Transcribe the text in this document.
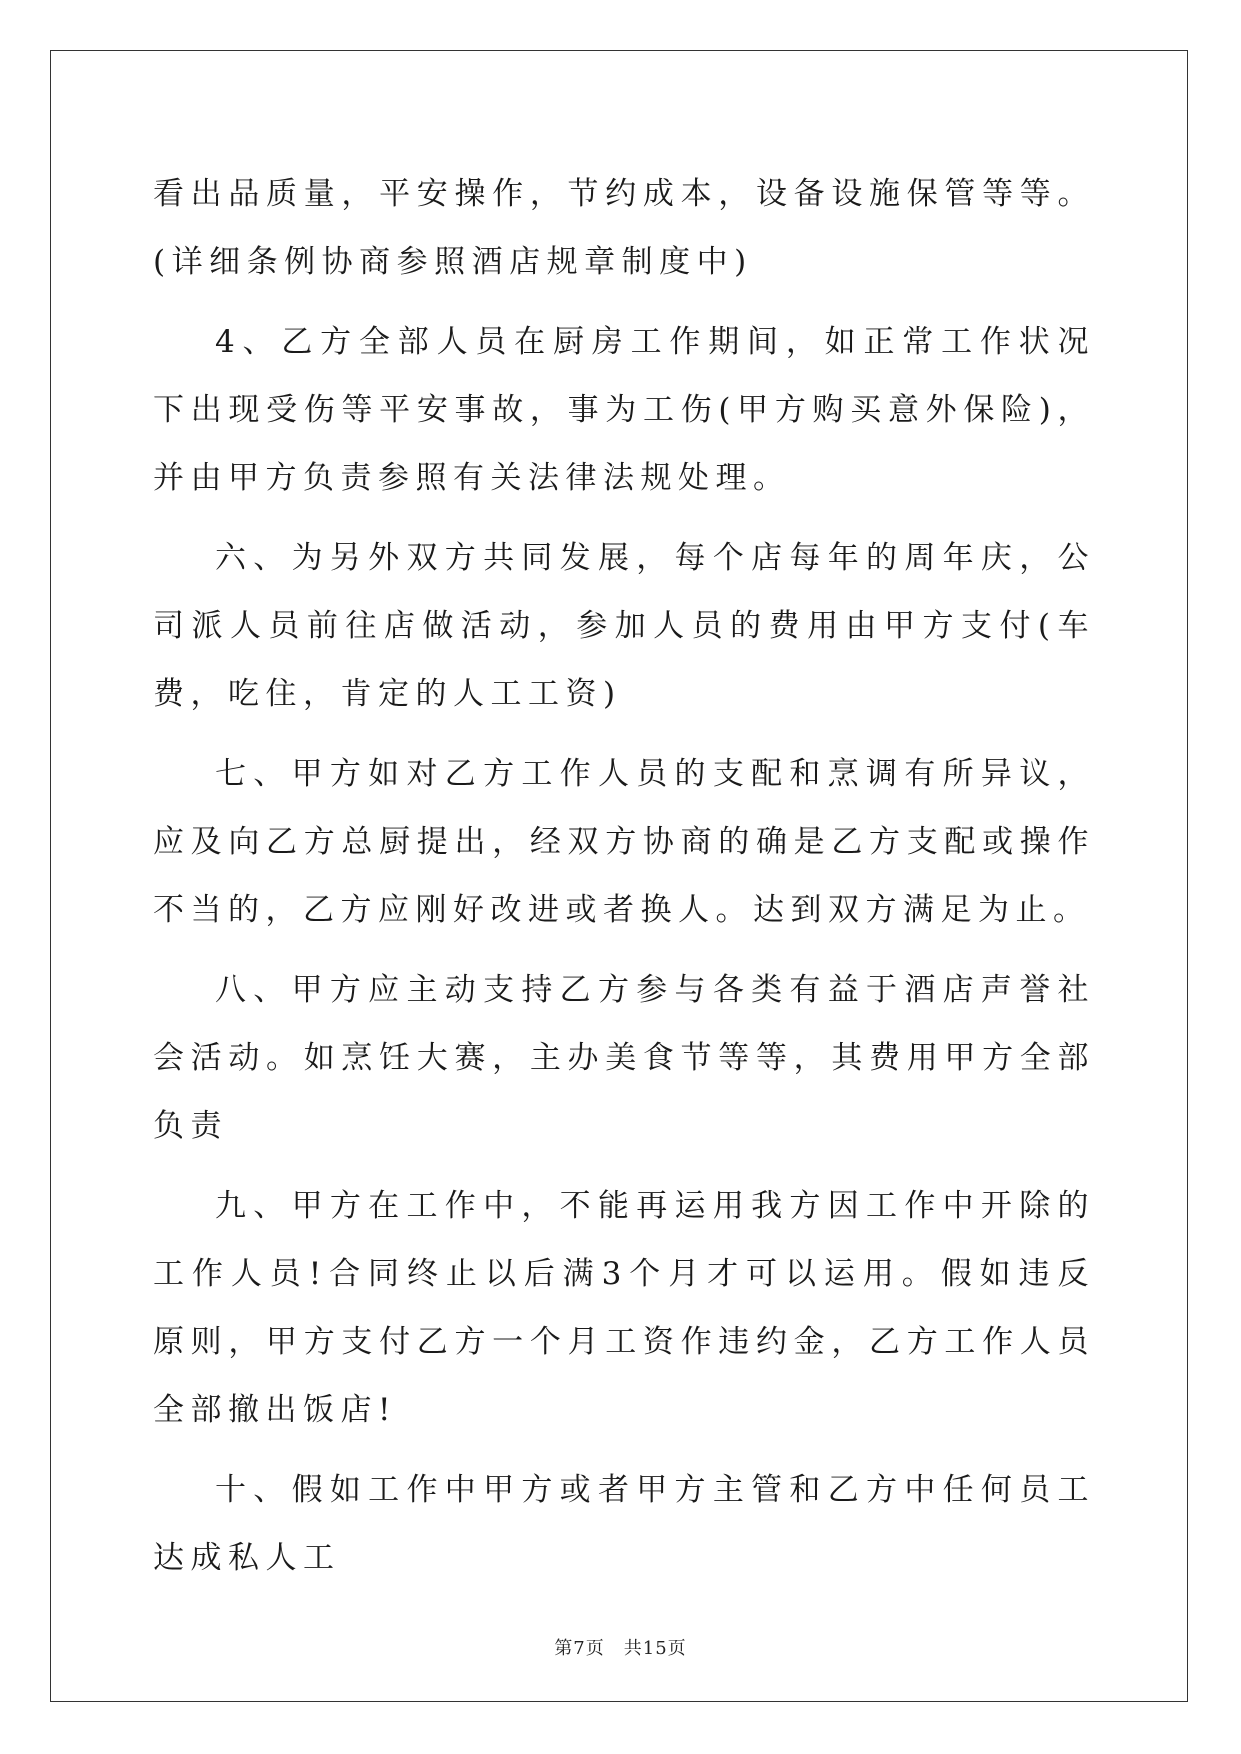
看出品质量，平安操作，节约成本，设备设施保管等等。(详细条例协商参照酒店规章制度中)

4、乙方全部人员在厨房工作期间，如正常工作状况下出现受伤等平安事故，事为工伤(甲方购买意外保险)，并由甲方负责参照有关法律法规处理。

六、为另外双方共同发展，每个店每年的周年庆，公司派人员前往店做活动，参加人员的费用由甲方支付(车费，吃住，肯定的人工工资)

七、甲方如对乙方工作人员的支配和烹调有所异议，应及向乙方总厨提出，经双方协商的确是乙方支配或操作不当的，乙方应刚好改进或者换人。达到双方满足为止。

八、甲方应主动支持乙方参与各类有益于酒店声誉社会活动。如烹饪大赛，主办美食节等等，其费用甲方全部负责

九、甲方在工作中，不能再运用我方因工作中开除的工作人员!合同终止以后满3个月才可以运用。假如违反原则，甲方支付乙方一个月工资作违约金，乙方工作人员全部撤出饭店!

十、假如工作中甲方或者甲方主管和乙方中任何员工达成私人工

第7页　共15页
